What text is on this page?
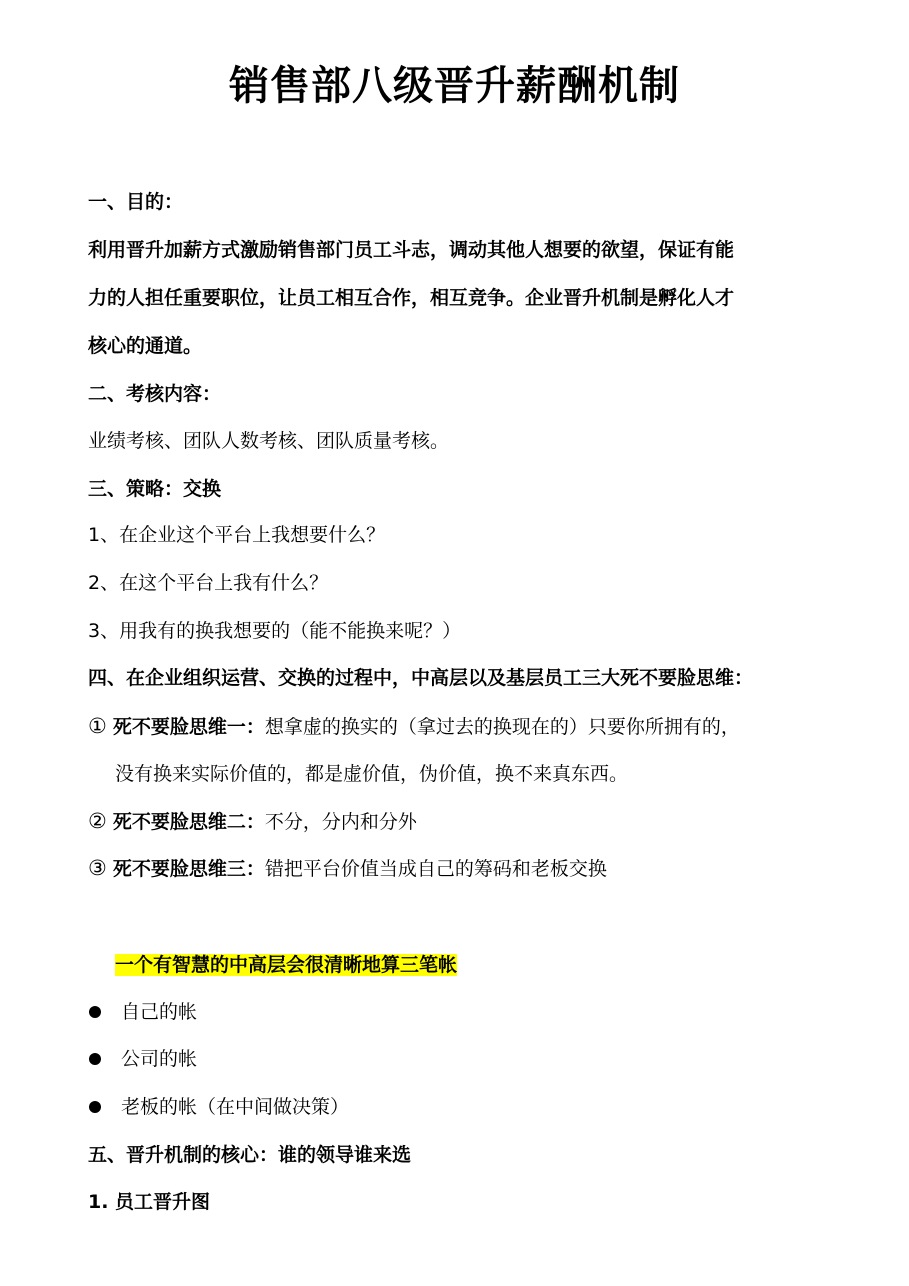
销售部八级晋升薪酬机制
一、目的：
利用晋升加薪方式激励销售部门员工斗志，调动其他人想要的欲望，保证有能
力的人担任重要职位，让员工相互合作，相互竞争。企业晋升机制是孵化人才
核心的通道。
二、考核内容：
业绩考核、团队人数考核、团队质量考核。
三、策略：交换
1、在企业这个平台上我想要什么？
2、在这个平台上我有什么？
3、用我有的换我想要的（能不能换来呢？）
四、在企业组织运营、交换的过程中，中高层以及基层员工三大死不要脸思维：
① 死不要脸思维一：想拿虚的换实的（拿过去的换现在的）只要你所拥有的，
没有换来实际价值的，都是虚价值，伪价值，换不来真东西。
② 死不要脸思维二：不分，分内和分外
③ 死不要脸思维三：错把平台价值当成自己的筹码和老板交换
一个有智慧的中高层会很清晰地算三笔帐
自己的帐
公司的帐
老板的帐（在中间做决策）
五、晋升机制的核心：谁的领导谁来选
1. 员工晋升图
